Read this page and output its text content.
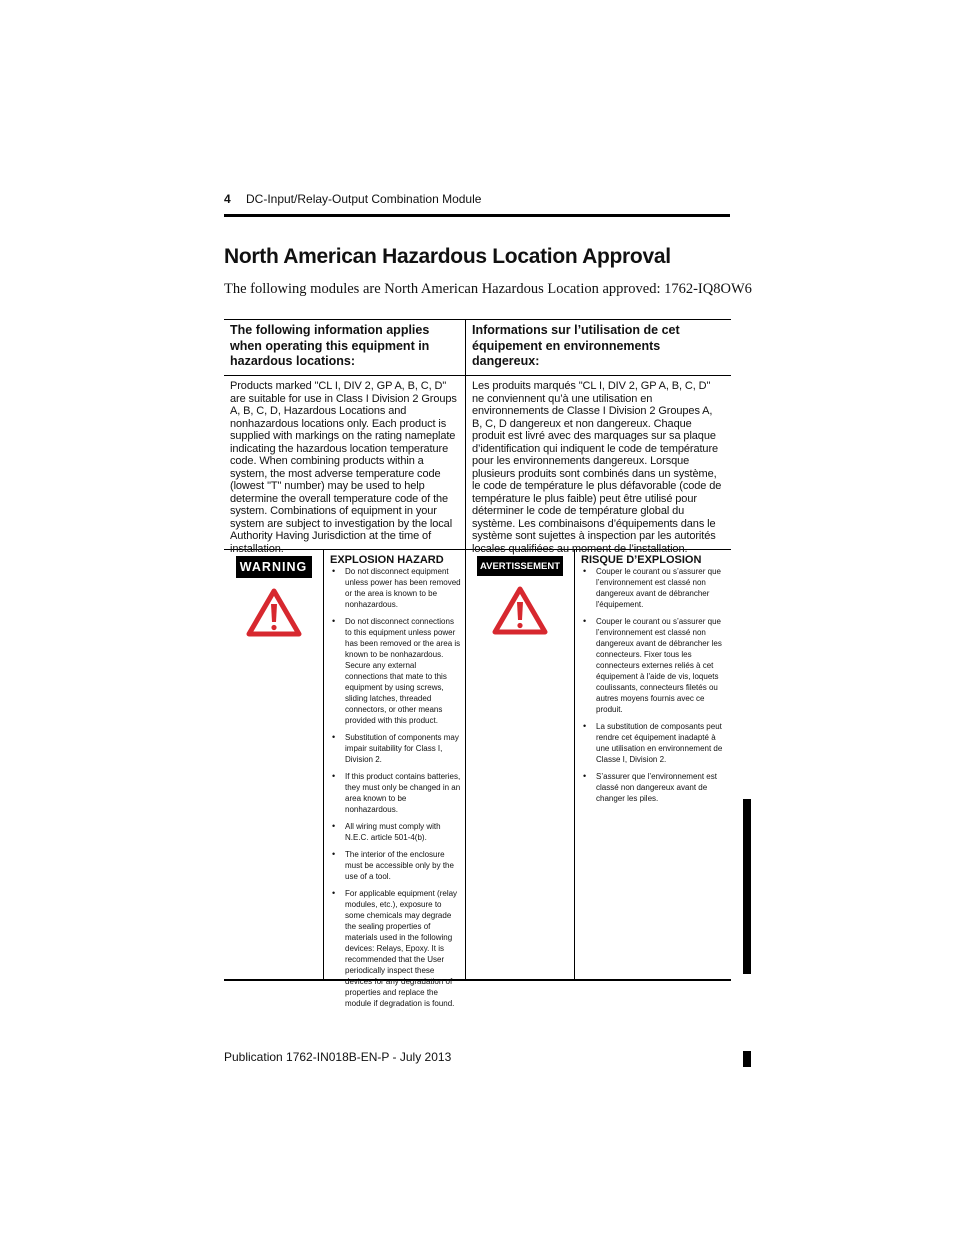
4 DC-Input/Relay-Output Combination Module
North American Hazardous Location Approval

The following modules are North American Hazardous Location approved: 1762-IQ8OW6

The following information applies when operating this equipment in hazardous locations:
Informations sur l’utilisation de cet équipement en environnements dangereux:
Products marked "CL I, DIV 2, GP A, B, C, D" are suitable for use in Class I Division 2 Groups A, B, C, D, Hazardous Locations and nonhazardous locations only. Each product is supplied with markings on the rating nameplate indicating the hazardous location temperature code. When combining products within a system, the most adverse temperature code (lowest "T" number) may be used to help determine the overall temperature code of the system. Combinations of equipment in your system are subject to investigation by the local Authority Having Jurisdiction at the time of installation.
Les produits marqués "CL I, DIV 2, GP A, B, C, D" ne conviennent qu’à une utilisation en environnements de Classe I Division 2 Groupes A, B, C, D dangereux et non dangereux. Chaque produit est livré avec des marquages sur sa plaque d’identification qui indiquent le code de température pour les environnements dangereux. Lorsque plusieurs produits sont combinés dans un système, le code de température le plus défavorable (code de température le plus faible) peut être utilisé pour déterminer le code de température global du système. Les combinaisons d’équipements dans le système sont sujettes à inspection par les autorités locales qualifiées au moment de l’installation.
WARNING	EXPLOSION HAZARD
• Do not disconnect equipment unless power has been removed or the area is known to be nonhazardous.
• Do not disconnect connections to this equipment unless power has been removed or the area is known to be nonhazardous. Secure any external connections that mate to this equipment by using screws, sliding latches, threaded connectors, or other means provided with this product.
• Substitution of components may impair suitability for Class I, Division 2.
• If this product contains batteries, they must only be changed in an area known to be nonhazardous.
• All wiring must comply with N.E.C. article 501-4(b).
• The interior of the enclosure must be accessible only by the use of a tool.
• For applicable equipment (relay modules, etc.), exposure to some chemicals may degrade the sealing properties of materials used in the following devices: Relays, Epoxy. It is recommended that the User periodically inspect these devices for any degradation of properties and replace the module if degradation is found.
AVERTISSEMENT RISQUE D’EXPLOSION
• Couper le courant ou s’assurer que l’environnement est classé non dangereux avant de débrancher l'équipement.
• Couper le courant ou s’assurer que l’environnement est classé non dangereux avant de débrancher les connecteurs. Fixer tous les connecteurs externes reliés à cet équipement à l'aide de vis, loquets coulissants, connecteurs filetés ou autres moyens fournis avec ce produit.
• La substitution de composants peut rendre cet équipement inadapté à une utilisation en environnement de Classe I, Division 2.
• S’assurer que l’environnement est classé non dangereux avant de changer les piles.
Publication 1762-IN018B-EN-P - July 2013
